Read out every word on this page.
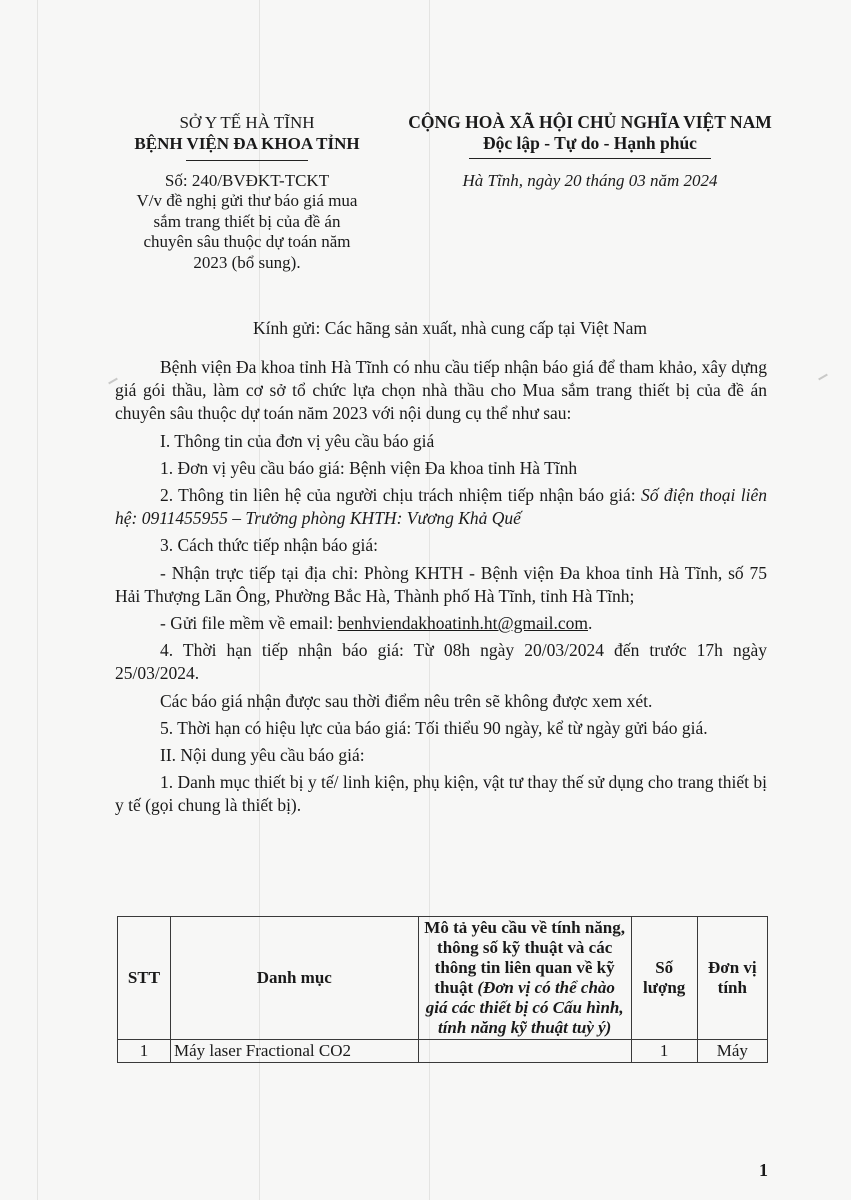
SỞ Y TẾ HÀ TĨNH
BỆNH VIỆN ĐA KHOA TỈNH
Số: 240/BVĐKT-TCKT
V/v đề nghị gửi thư báo giá mua
sắm trang thiết bị của đề án
chuyên sâu thuộc dự toán năm
2023 (bổ sung).
CỘNG HOÀ XÃ HỘI CHỦ NGHĨA VIỆT NAM
Độc lập - Tự do - Hạnh phúc
Hà Tĩnh, ngày 20 tháng 03 năm 2024
Kính gửi: Các hãng sản xuất, nhà cung cấp tại Việt Nam

Bệnh viện Đa khoa tỉnh Hà Tĩnh có nhu cầu tiếp nhận báo giá để tham khảo, xây dựng giá gói thầu, làm cơ sở tổ chức lựa chọn nhà thầu cho Mua sắm trang thiết bị của đề án chuyên sâu thuộc dự toán năm 2023 với nội dung cụ thể như sau:

I. Thông tin của đơn vị yêu cầu báo giá

1. Đơn vị yêu cầu báo giá: Bệnh viện Đa khoa tỉnh Hà Tĩnh

2. Thông tin liên hệ của người chịu trách nhiệm tiếp nhận báo giá: Số điện thoại liên hệ: 0911455955 – Trưởng phòng KHTH: Vương Khả Quế

3. Cách thức tiếp nhận báo giá:

- Nhận trực tiếp tại địa chỉ: Phòng KHTH - Bệnh viện Đa khoa tỉnh Hà Tĩnh, số 75 Hải Thượng Lãn Ông, Phường Bắc Hà, Thành phố Hà Tĩnh, tỉnh Hà Tĩnh;

- Gửi file mềm về email: benhviendakhoatinh.ht@gmail.com.

4. Thời hạn tiếp nhận báo giá: Từ 08h ngày 20/03/2024 đến trước 17h ngày 25/03/2024.

Các báo giá nhận được sau thời điểm nêu trên sẽ không được xem xét.

5. Thời hạn có hiệu lực của báo giá: Tối thiểu 90 ngày, kể từ ngày gửi báo giá.

II. Nội dung yêu cầu báo giá:

1. Danh mục thiết bị y tế/ linh kiện, phụ kiện, vật tư thay thế sử dụng cho trang thiết bị y tế (gọi chung là thiết bị).

STT	Danh mục	Mô tả yêu cầu về tính năng, thông số kỹ thuật và các thông tin liên quan về kỹ thuật (Đơn vị có thể chào giá các thiết bị có Cấu hình, tính năng kỹ thuật tuỳ ý)	Số lượng	Đơn vị tính
1	Máy laser Fractional CO2		1	Máy
1
